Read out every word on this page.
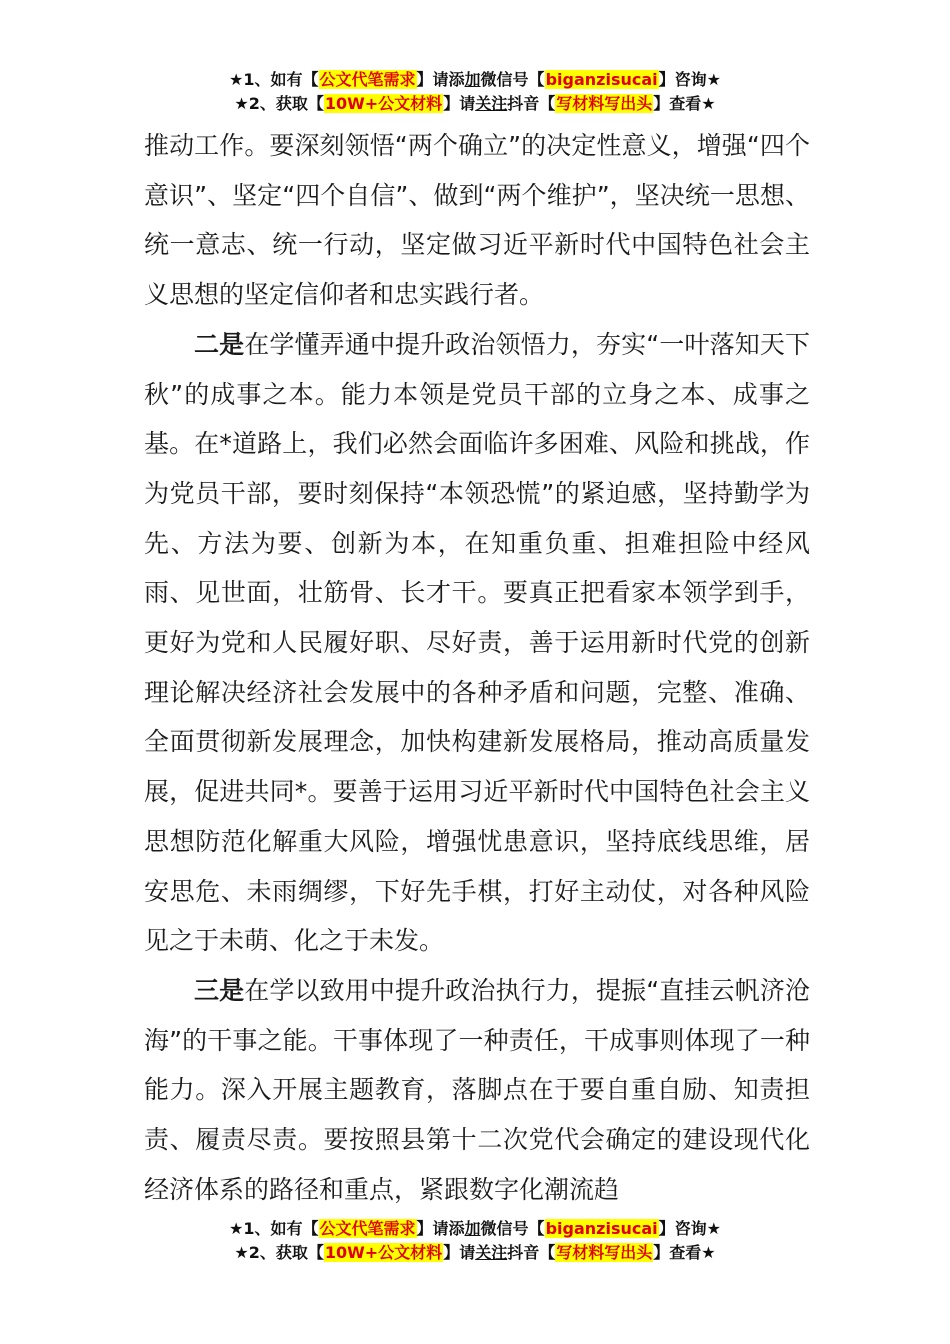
★1、如有【公文代笔需求】请添加微信号【biganzisucai】咨询★
★2、获取【10W+公文材料】请关注抖音【写材料写出头】查看★

推动工作。要深刻领悟“两个确立”的决定性意义，增强“四个意识”、坚定“四个自信”、做到“两个维护”，坚决统一思想、统一意志、统一行动，坚定做习近平新时代中国特色社会主义思想的坚定信仰者和忠实践行者。

二是在学懂弄通中提升政治领悟力，夯实“一叶落知天下秋”的成事之本。能力本领是党员干部的立身之本、成事之基。在*道路上，我们必然会面临许多困难、风险和挑战，作为党员干部，要时刻保持“本领恐慌”的紧迫感，坚持勤学为先、方法为要、创新为本，在知重负重、担难担险中经风雨、见世面，壮筋骨、长才干。要真正把看家本领学到手，更好为党和人民履好职、尽好责，善于运用新时代党的创新理论解决经济社会发展中的各种矛盾和问题，完整、准确、全面贯彻新发展理念，加快构建新发展格局，推动高质量发展，促进共同*。要善于运用习近平新时代中国特色社会主义思想防范化解重大风险，增强忧患意识，坚持底线思维，居安思危、未雨绸缪，下好先手棋，打好主动仗，对各种风险见之于未萌、化之于未发。

三是在学以致用中提升政治执行力，提振“直挂云帆济沧海”的干事之能。干事体现了一种责任，干成事则体现了一种能力。深入开展主题教育，落脚点在于要自重自励、知责担责、履责尽责。要按照县第十二次党代会确定的建设现代化经济体系的路径和重点，紧跟数字化潮流趋

★1、如有【公文代笔需求】请添加微信号【biganzisucai】咨询★
★2、获取【10W+公文材料】请关注抖音【写材料写出头】查看★
